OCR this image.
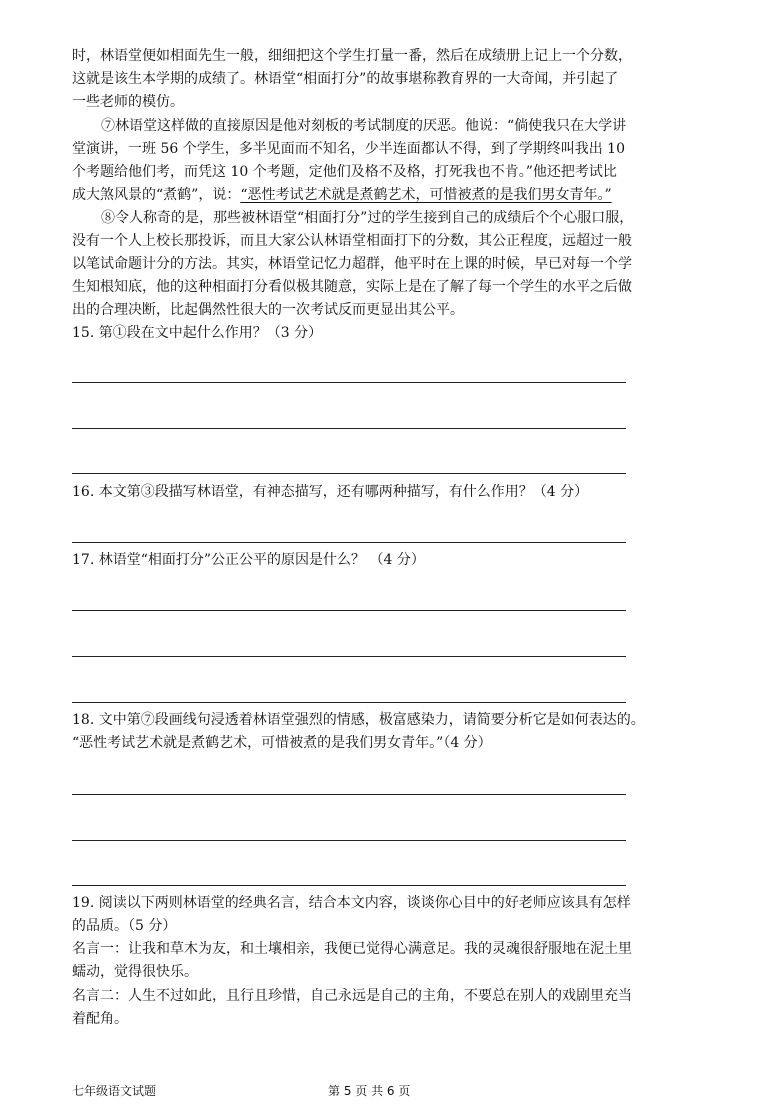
时，林语堂便如相面先生一般，细细把这个学生打量一番，然后在成绩册上记上一个分数，
这就是该生本学期的成绩了。林语堂“相面打分”的故事堪称教育界的一大奇闻，并引起了
一些老师的模仿。
⑦林语堂这样做的直接原因是他对刻板的考试制度的厌恶。他说：“倘使我只在大学讲
堂演讲，一班 56 个学生，多半见面而不知名，少半连面都认不得，到了学期终叫我出 10
个考题给他们考，而凭这 10 个考题，定他们及格不及格，打死我也不肯。”他还把考试比
成大煞风景的“煮鹤”，说：“恶性考试艺术就是煮鹤艺术，可惜被煮的是我们男女青年。”
⑧令人称奇的是，那些被林语堂“相面打分”过的学生接到自己的成绩后个个心服口服，
没有一个人上校长那投诉，而且大家公认林语堂相面打下的分数，其公正程度，远超过一般
以笔试命题计分的方法。其实，林语堂记忆力超群，他平时在上课的时候，早已对每一个学
生知根知底，他的这种相面打分看似极其随意，实际上是在了解了每一个学生的水平之后做
出的合理决断，比起偶然性很大的一次考试反而更显出其公平。
15. 第①段在文中起什么作用？（3 分）
16. 本文第③段描写林语堂，有神态描写，还有哪两种描写，有什么作用？（4 分）
17. 林语堂“相面打分”公正公平的原因是什么？ （4 分）
18. 文中第⑦段画线句浸透着林语堂强烈的情感，极富感染力，请简要分析它是如何表达的。
“恶性考试艺术就是煮鹤艺术，可惜被煮的是我们男女青年。”（4 分）
19. 阅读以下两则林语堂的经典名言，结合本文内容，谈谈你心目中的好老师应该具有怎样
的品质。（5 分）
名言一：让我和草木为友，和土壤相亲，我便已觉得心满意足。我的灵魂很舒服地在泥土里
蠕动，觉得很快乐。
名言二：人生不过如此，且行且珍惜，自己永远是自己的主角，不要总在别人的戏剧里充当
着配角。
七年级语文试题	第 5 页 共 6 页
